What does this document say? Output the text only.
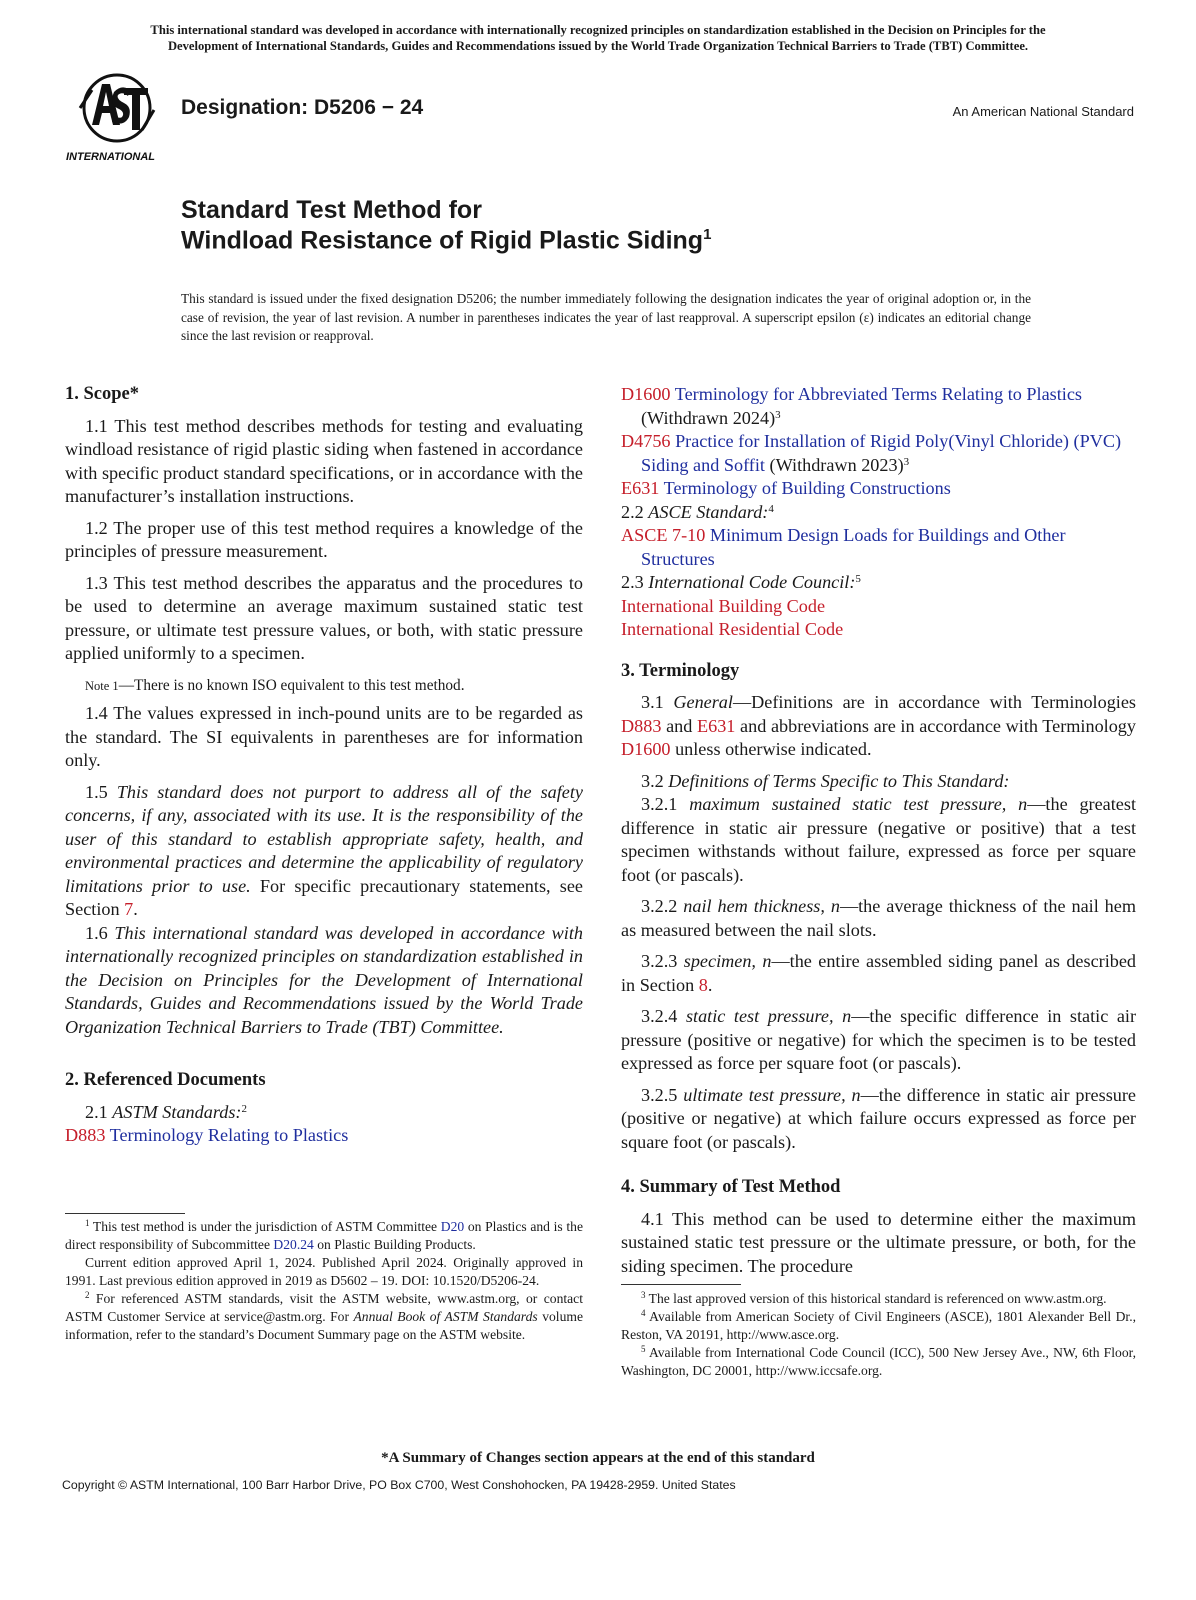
This international standard was developed in accordance with internationally recognized principles on standardization established in the Decision on Principles for the
Development of International Standards, Guides and Recommendations issued by the World Trade Organization Technical Barriers to Trade (TBT) Committee.
INTERNATIONAL
Designation: D5206 − 24	An American National Standard
Standard Test Method for
Windload Resistance of Rigid Plastic Siding$^1$
This standard is issued under the fixed designation D5206; the number immediately following the designation indicates the year of original adoption or, in the case of revision, the year of last revision. A number in parentheses indicates the year of last reapproval. A superscript epsilon (ε) indicates an editorial change since the last revision or reapproval.
1. Scope*

1.1 This test method describes methods for testing and evaluating windload resistance of rigid plastic siding when fastened in accordance with specific product standard specifications, or in accordance with the manufacturer’s installation instructions.

1.2 The proper use of this test method requires a knowledge of the principles of pressure measurement.

1.3 This test method describes the apparatus and the procedures to be used to determine an average maximum sustained static test pressure, or ultimate test pressure values, or both, with static pressure applied uniformly to a specimen.

Note 1—There is no known ISO equivalent to this test method.

1.4 The values expressed in inch-pound units are to be regarded as the standard. The SI equivalents in parentheses are for information only.

1.5 This standard does not purport to address all of the safety concerns, if any, associated with its use. It is the responsibility of the user of this standard to establish appropriate safety, health, and environmental practices and determine the applicability of regulatory limitations prior to use. For specific precautionary statements, see Section 7.

1.6 This international standard was developed in accordance with internationally recognized principles on standardization established in the Decision on Principles for the Development of International Standards, Guides and Recommendations issued by the World Trade Organization Technical Barriers to Trade (TBT) Committee.

2. Referenced Documents

2.1 ASTM Standards:$^2$

D883 Terminology Relating to Plastics

D1600 Terminology for Abbreviated Terms Relating to Plastics (Withdrawn 2024)$^3$

D4756 Practice for Installation of Rigid Poly(Vinyl Chloride) (PVC) Siding and Soffit (Withdrawn 2023)$^3$

E631 Terminology of Building Constructions

2.2 ASCE Standard:$^4$

ASCE 7-10 Minimum Design Loads for Buildings and Other Structures

2.3 International Code Council:$^5$

International Building Code

International Residential Code

3. Terminology

3.1 General—Definitions are in accordance with Terminologies D883 and E631 and abbreviations are in accordance with Terminology D1600 unless otherwise indicated.

3.2 Definitions of Terms Specific to This Standard:

3.2.1 maximum sustained static test pressure, n—the greatest difference in static air pressure (negative or positive) that a test specimen withstands without failure, expressed as force per square foot (or pascals).

3.2.2 nail hem thickness, n—the average thickness of the nail hem as measured between the nail slots.

3.2.3 specimen, n—the entire assembled siding panel as described in Section 8.

3.2.4 static test pressure, n—the specific difference in static air pressure (positive or negative) for which the specimen is to be tested expressed as force per square foot (or pascals).

3.2.5 ultimate test pressure, n—the difference in static air pressure (positive or negative) at which failure occurs expressed as force per square foot (or pascals).

4. Summary of Test Method

4.1 This method can be used to determine either the maximum sustained static test pressure or the ultimate pressure, or both, for the siding specimen. The procedure

$^1$ This test method is under the jurisdiction of ASTM Committee D20 on Plastics and is the direct responsibility of Subcommittee D20.24 on Plastic Building Products.

Current edition approved April 1, 2024. Published April 2024. Originally approved in 1991. Last previous edition approved in 2019 as D5602 – 19. DOI: 10.1520/D5206-24.

$^2$ For referenced ASTM standards, visit the ASTM website, www.astm.org, or contact ASTM Customer Service at service@astm.org. For Annual Book of ASTM Standards volume information, refer to the standard’s Document Summary page on the ASTM website.

$^3$ The last approved version of this historical standard is referenced on www.astm.org.

$^4$ Available from American Society of Civil Engineers (ASCE), 1801 Alexander Bell Dr., Reston, VA 20191, http://www.asce.org.

$^5$ Available from International Code Council (ICC), 500 New Jersey Ave., NW, 6th Floor, Washington, DC 20001, http://www.iccsafe.org.

*A Summary of Changes section appears at the end of this standard
Copyright © ASTM International, 100 Barr Harbor Drive, PO Box C700, West Conshohocken, PA 19428-2959. United States
